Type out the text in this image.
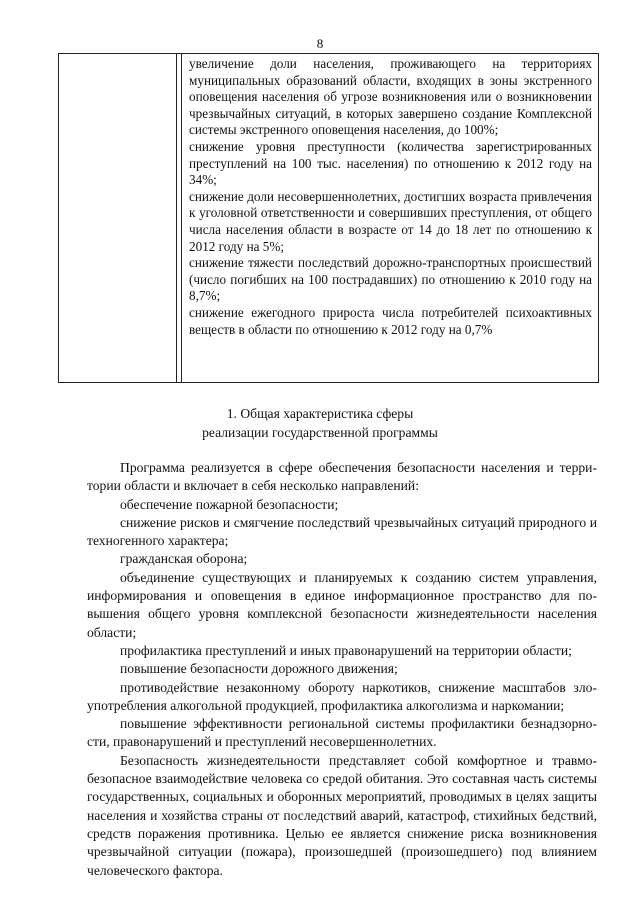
8
увеличение доли населения, проживающего на территориях муниципальных образований области, входящих в зоны экстренного оповещения населения об угрозе возникновения или о возникновении чрезвычайных ситуаций, в которых завершено создание Комплексной системы экстренного оповещения населения, до 100%;
снижение уровня преступности (количества зарегистрированных преступлений на 100 тыс. населения) по отношению к 2012 году на 34%;
снижение доли несовершеннолетних, достигших возраста привлечения к уголовной ответственности и совершивших преступления, от общего числа населения области в возрасте от 14 до 18 лет по отношению к 2012 году на 5%;
снижение тяжести последствий дорожно-транспортных происшествий (число погибших на 100 пострадавших) по отношению к 2010 году на 8,7%;
снижение ежегодного прироста числа потребителей психоактивных веществ в области по отношению к 2012 году на 0,7%
1. Общая характеристика сферы
реализации государственной программы

Программа реализуется в сфере обеспечения безопасности населения и территории области и включает в себя несколько направлений:

обеспечение пожарной безопасности;

снижение рисков и смягчение последствий чрезвычайных ситуаций природного и техногенного характера;

гражданская оборона;

объединение существующих и планируемых к созданию систем управления, информирования и оповещения в единое информационное пространство для повышения общего уровня комплексной безопасности жизнедеятельности населения области;

профилактика преступлений и иных правонарушений на территории области;

повышение безопасности дорожного движения;

противодействие незаконному обороту наркотиков, снижение масштабов злоупотребления алкогольной продукцией, профилактика алкоголизма и наркомании;

повышение эффективности региональной системы профилактики безнадзорности, правонарушений и преступлений несовершеннолетних.

Безопасность жизнедеятельности представляет собой комфортное и травмобезопасное взаимодействие человека со средой обитания. Это составная часть системы государственных, социальных и оборонных мероприятий, проводимых в целях защиты населения и хозяйства страны от последствий аварий, катастроф, стихийных бедствий, средств поражения противника. Целью ее является снижение риска возникновения чрезвычайной ситуации (пожара), произошедшей (произошедшего) под влиянием человеческого фактора.
